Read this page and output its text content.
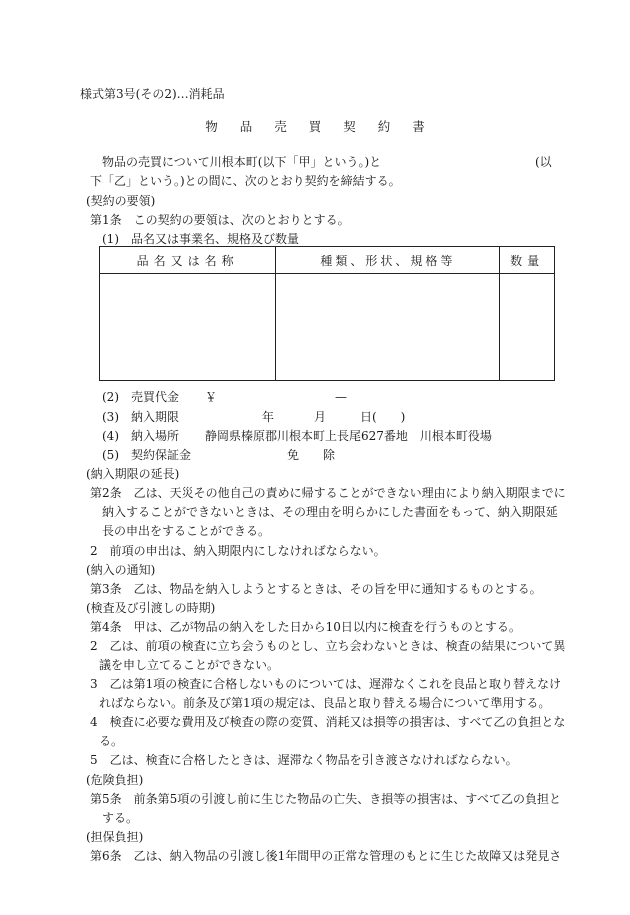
様式第3号(その2)…消耗品
物 品 売 買 契 約 書
物品の売買について川根本町(以下「甲」という。)と	(以
下「乙」という。)との間に、次のとおり契約を締結する。
(契約の要領)
第1条　この契約の要領は、次のとおりとする。
(1)　品名又は事業名、規格及び数量
品名又は名称	種類、形状、規格等	数量

(2)　売買代金 ￥	—
(3)　納入期限	年	月	日(　　)
(4)　納入場所 静岡県榛原郡川根本町上長尾627番地　川根本町役場
(5)　契約保証金	免　　除
(納入期限の延長)
第2条　乙は、天災その他自己の責めに帰することができない理由により納入期限までに
納入することができないときは、その理由を明らかにした書面をもって、納入期限延
長の申出をすることができる。
2　前項の申出は、納入期限内にしなければならない。
(納入の通知)
第3条　乙は、物品を納入しようとするときは、その旨を甲に通知するものとする。
(検査及び引渡しの時期)
第4条　甲は、乙が物品の納入をした日から10日以内に検査を行うものとする。
2　乙は、前項の検査に立ち会うものとし、立ち会わないときは、検査の結果について異
議を申し立てることができない。
3　乙は第1項の検査に合格しないものについては、遅滞なくこれを良品と取り替えなけ
ればならない。前条及び第1項の規定は、良品と取り替える場合について準用する。
4　検査に必要な費用及び検査の際の変質、消耗又は損等の損害は、すべて乙の負担とな
る。
5　乙は、検査に合格したときは、遅滞なく物品を引き渡さなければならない。
(危険負担)
第5条　前条第5項の引渡し前に生じた物品の亡失、き損等の損害は、すべて乙の負担と
する。
(担保負担)
第6条　乙は、納入物品の引渡し後1年間甲の正常な管理のもとに生じた故障又は発見さ
